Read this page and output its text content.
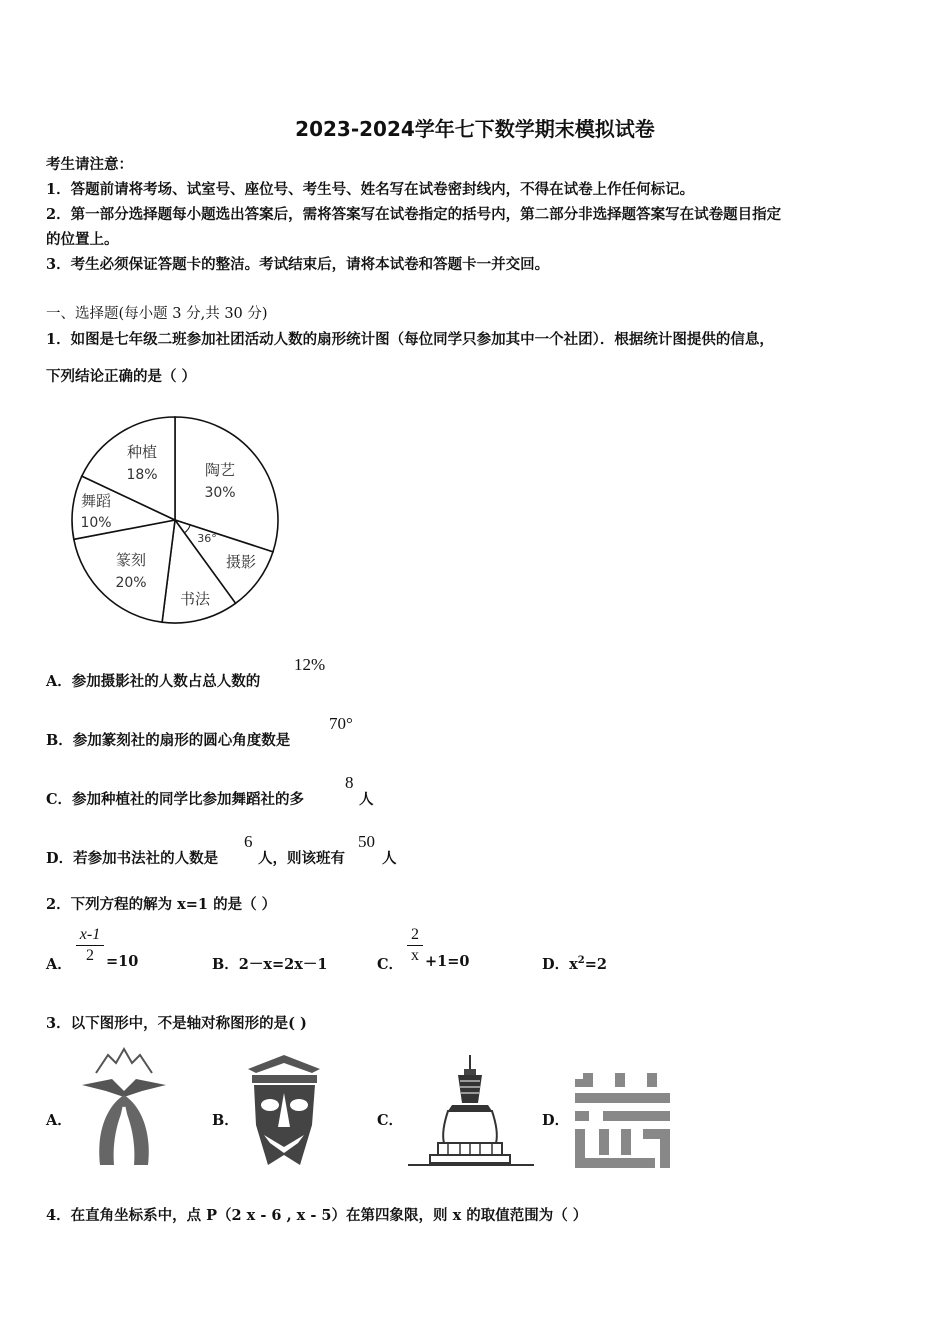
2023-2024学年七下数学期末模拟试卷
考生请注意：
1．答题前请将考场、试室号、座位号、考生号、姓名写在试卷密封线内，不得在试卷上作任何标记。
2．第一部分选择题每小题选出答案后，需将答案写在试卷指定的括号内，第二部分非选择题答案写在试卷题目指定
的位置上。
3．考生必须保证答题卡的整洁。考试结束后，请将本试卷和答题卡一并交回。
一、选择题(每小题 3 分,共 30 分)
1．如图是七年级二班参加社团活动人数的扇形统计图（每位同学只参加其中一个社团）．根据统计图提供的信息，
下列结论正确的是（ ）
种植
18%	陶艺
30%
舞蹈
10%
篆刻
20%
书法
摄影
36°
A．参加摄影社的人数占总人数的
12%
B．参加篆刻社的扇形的圆心角度数是
70°
C．参加种植社的同学比参加舞蹈社的多
8
人
D．若参加书法社的人数是
6
人，则该班有
50
人
2．下列方程的解为 x=1 的是（ ）
A．
x-1
2 =10	B．2－x=2x－1	C．
2
x +1=0	D．$x^2=2$
3．以下图形中，不是轴对称图形的是( )
A．	B．	C．	D．
4．在直角坐标系中，点 P（2 x - 6 , x - 5）在第四象限，则 x 的取值范围为（ ）
